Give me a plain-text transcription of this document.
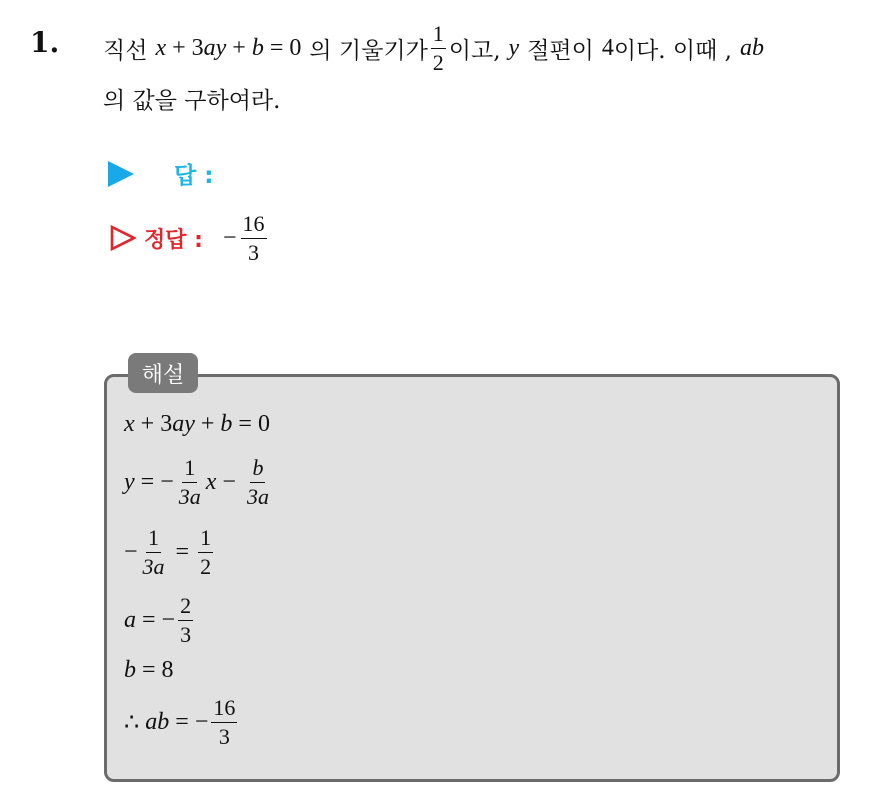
1. 직선 x + 3ay + b = 0 의 기울기가 $\frac{1}{2}$ 이고, y 절편이 4 이다. 이때 , ab
의 값을 구하여라.
답 :
정답 : − $\frac{16}{3}$
해설
x + 3 ay + b = 0
y = − $\frac{1}{3a}$ $x - \frac{b}{3a}$
− $\frac{1}{3a} = \frac{1}{2}$
a = − $\frac{2}{3}$
b = 8
∴ ab = − $\frac{16}{3}$
